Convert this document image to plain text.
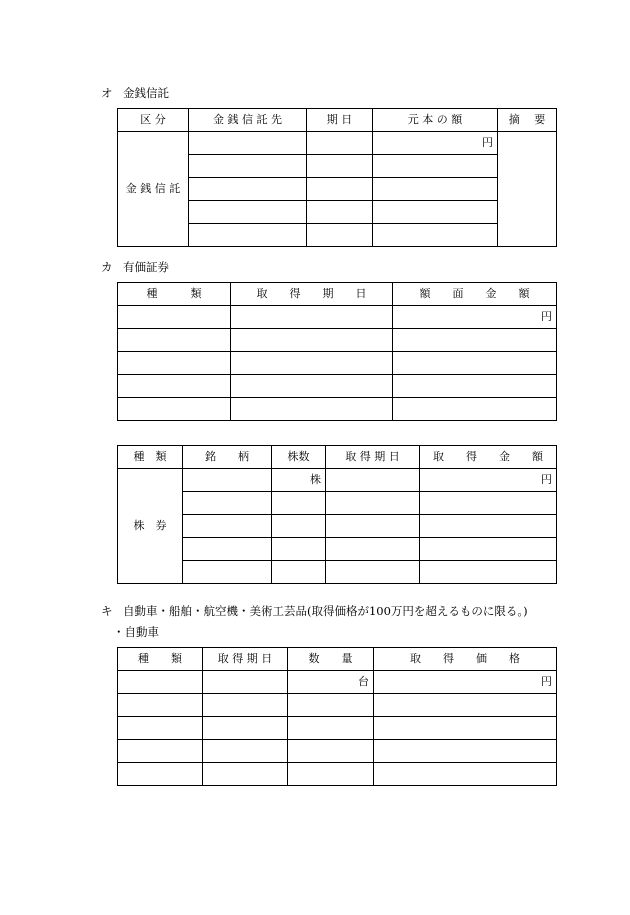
オ 金銭信託
区 分	金 銭 信 託 先	期 日	元 本 の 額	摘　 要
金 銭 信 託			円	

カ 有価証券
種　　　類	取　　得　　期　　日	額　　面　　金　　額
		円

種　類	銘　　柄	株数	取 得 期 日	取　　得　　金　　額
株　券		株		円

キ 自動車・船舶・航空機・美術工芸品(取得価格が100万円を超えるものに限る。)
・自動車
種　　類	取 得 期 日	数　　量	取　　得　　価　　格
		台	円
